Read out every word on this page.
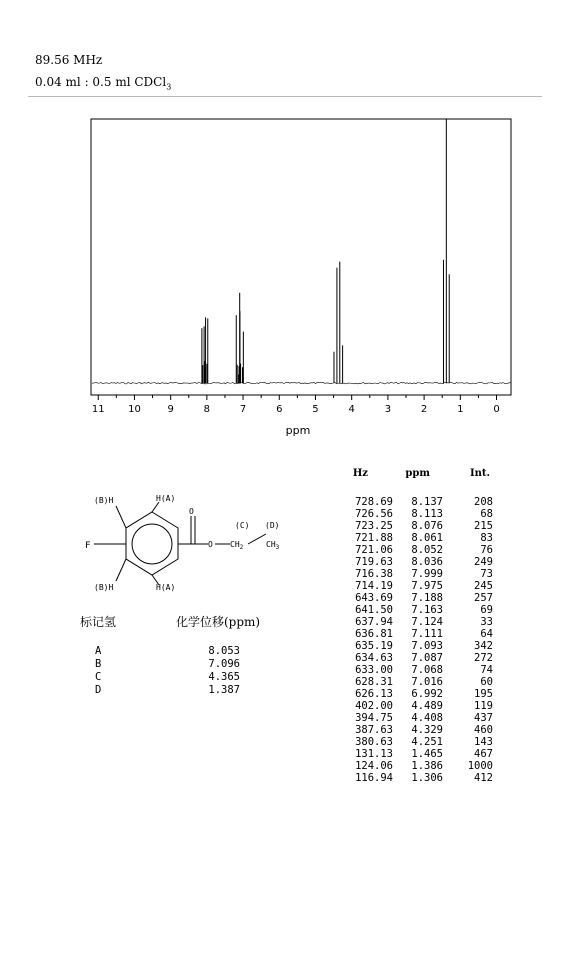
89.56 MHz
0.04 ml : 0.5 ml CDCl$_3$
11 10	9	8	7	6	5	4	3	2	1	0
ppm
(B)H	H(A)
F
(B)H	H(A)
O
O
(C) (D)
$CH_2$	$CH_3$
标记氢	化学位移(ppm)
A	8.053
B	7.096
C	4.365
D	1.387
Hz	ppm	Int.
728.69	8.137	208
726.56	8.113	68
723.25	8.076	215
721.88	8.061	83
721.06	8.052	76
719.63	8.036	249
716.38	7.999	73
714.19	7.975	245
643.69	7.188	257
641.50	7.163	69
637.94	7.124	33
636.81	7.111	64
635.19	7.093	342
634.63	7.087	272
633.00	7.068	74
628.31	7.016	60
626.13	6.992	195
402.00	4.489	119
394.75	4.408	437
387.63	4.329	460
380.63	4.251	143
131.13	1.465	467
124.06	1.386	1000
116.94	1.306	412
